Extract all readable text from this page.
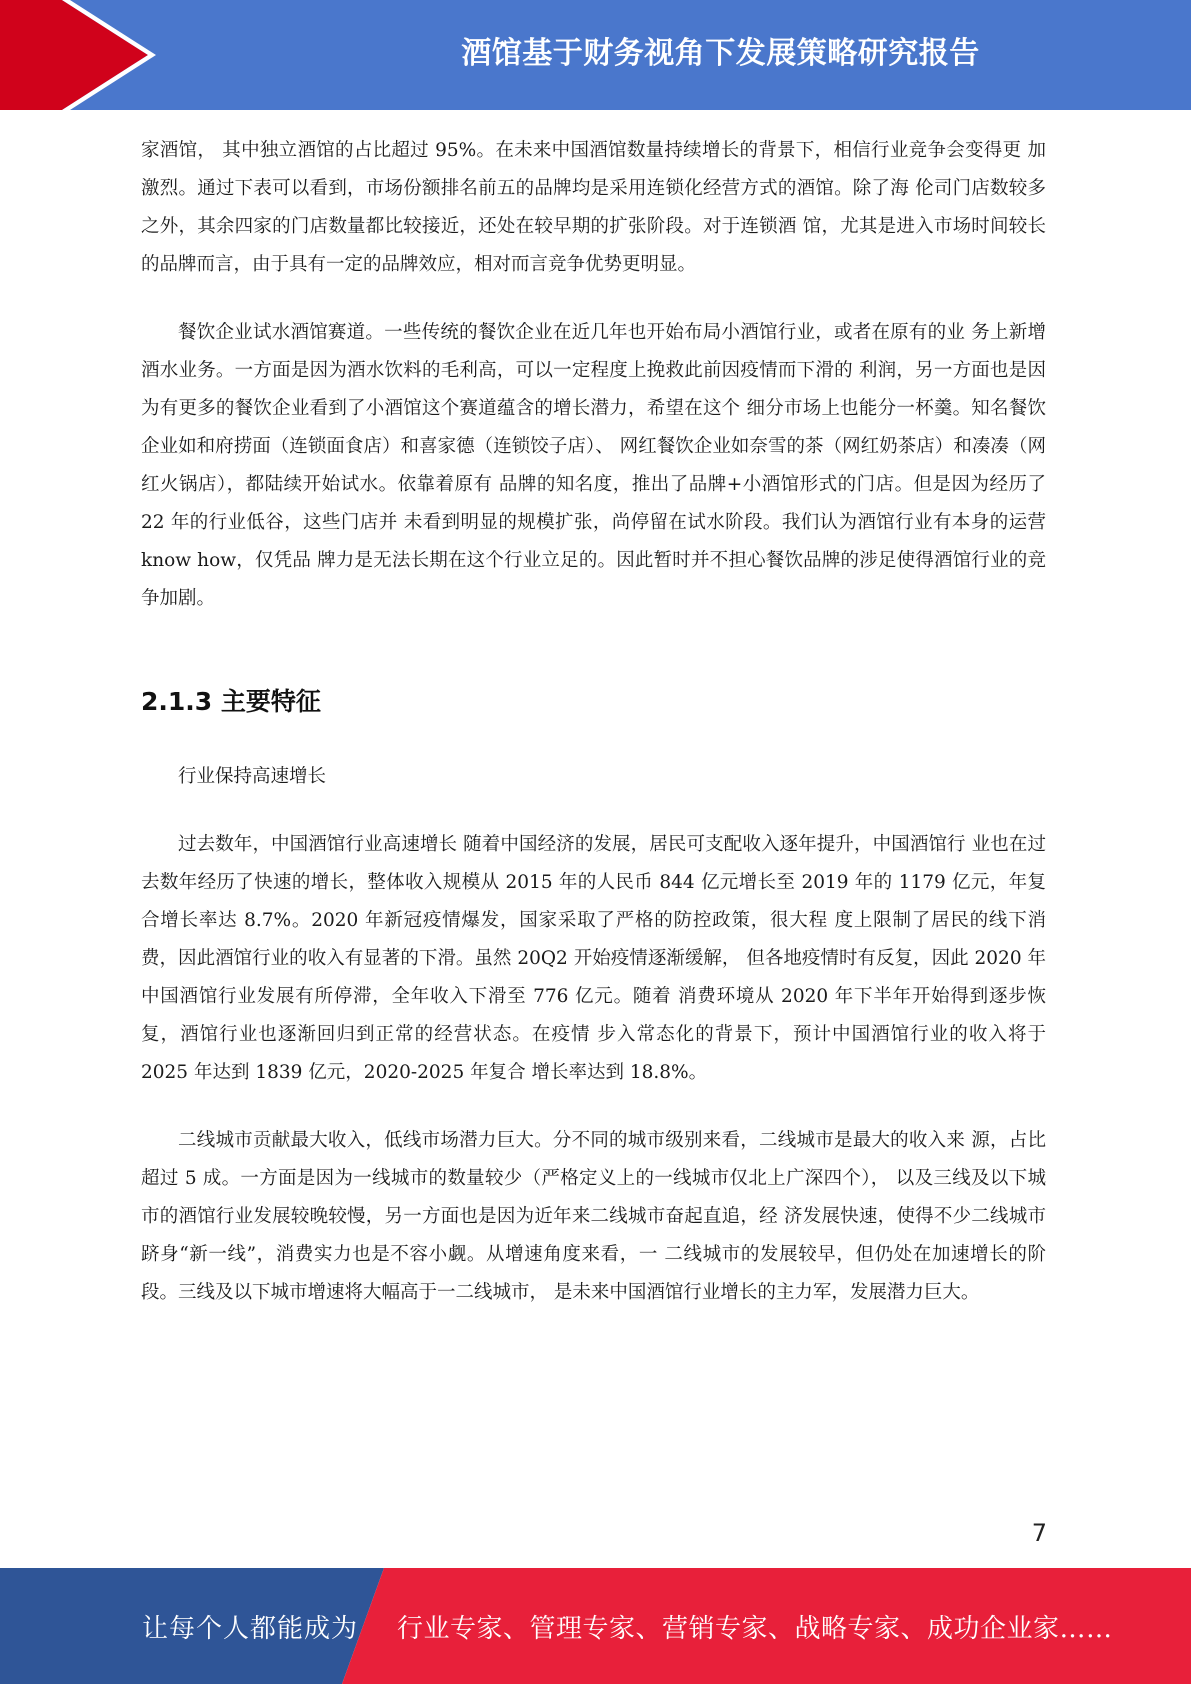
酒馆基于财务视角下发展策略研究报告

家酒馆， 其中独立酒馆的占比超过 95%。在未来中国酒馆数量持续增长的背景下，相信行业竞争会变得更 加激烈。通过下表可以看到，市场份额排名前五的品牌均是采用连锁化经营方式的酒馆。除了海 伦司门店数较多之外，其余四家的门店数量都比较接近，还处在较早期的扩张阶段。对于连锁酒 馆，尤其是进入市场时间较长的品牌而言，由于具有一定的品牌效应，相对而言竞争优势更明显。

餐饮企业试水酒馆赛道。一些传统的餐饮企业在近几年也开始布局小酒馆行业，或者在原有的业 务上新增酒水业务。一方面是因为酒水饮料的毛利高，可以一定程度上挽救此前因疫情而下滑的 利润，另一方面也是因为有更多的餐饮企业看到了小酒馆这个赛道蕴含的增长潜力，希望在这个 细分市场上也能分一杯羹。知名餐饮企业如和府捞面（连锁面食店）和喜家德（连锁饺子店）、 网红餐饮企业如奈雪的茶（网红奶茶店）和凑凑（网红火锅店），都陆续开始试水。依靠着原有 品牌的知名度，推出了品牌+小酒馆形式的门店。但是因为经历了 22 年的行业低谷，这些门店并 未看到明显的规模扩张，尚停留在试水阶段。我们认为酒馆行业有本身的运营 know how，仅凭品 牌力是无法长期在这个行业立足的。因此暂时并不担心餐饮品牌的涉足使得酒馆行业的竞争加剧。

2.1.3 主要特征

行业保持高速增长

过去数年，中国酒馆行业高速增长 随着中国经济的发展，居民可支配收入逐年提升，中国酒馆行 业也在过去数年经历了快速的增长，整体收入规模从 2015 年的人民币 844 亿元增长至 2019 年的 1179 亿元，年复合增长率达 8.7%。2020 年新冠疫情爆发，国家采取了严格的防控政策，很大程 度上限制了居民的线下消费，因此酒馆行业的收入有显著的下滑。虽然 20Q2 开始疫情逐渐缓解， 但各地疫情时有反复，因此 2020 年中国酒馆行业发展有所停滞，全年收入下滑至 776 亿元。随着 消费环境从 2020 年下半年开始得到逐步恢复，酒馆行业也逐渐回归到正常的经营状态。在疫情 步入常态化的背景下，预计中国酒馆行业的收入将于 2025 年达到 1839 亿元，2020-2025 年复合 增长率达到 18.8%。

二线城市贡献最大收入，低线市场潜力巨大。分不同的城市级别来看，二线城市是最大的收入来 源，占比超过 5 成。一方面是因为一线城市的数量较少（严格定义上的一线城市仅北上广深四个）， 以及三线及以下城市的酒馆行业发展较晚较慢，另一方面也是因为近年来二线城市奋起直追，经 济发展快速，使得不少二线城市跻身“新一线”，消费实力也是不容小觑。从增速角度来看，一 二线城市的发展较早，但仍处在加速增长的阶段。三线及以下城市增速将大幅高于一二线城市， 是未来中国酒馆行业增长的主力军，发展潜力巨大。

7
让每个人都能成为 行业专家、管理专家、营销专家、战略专家、成功企业家……
